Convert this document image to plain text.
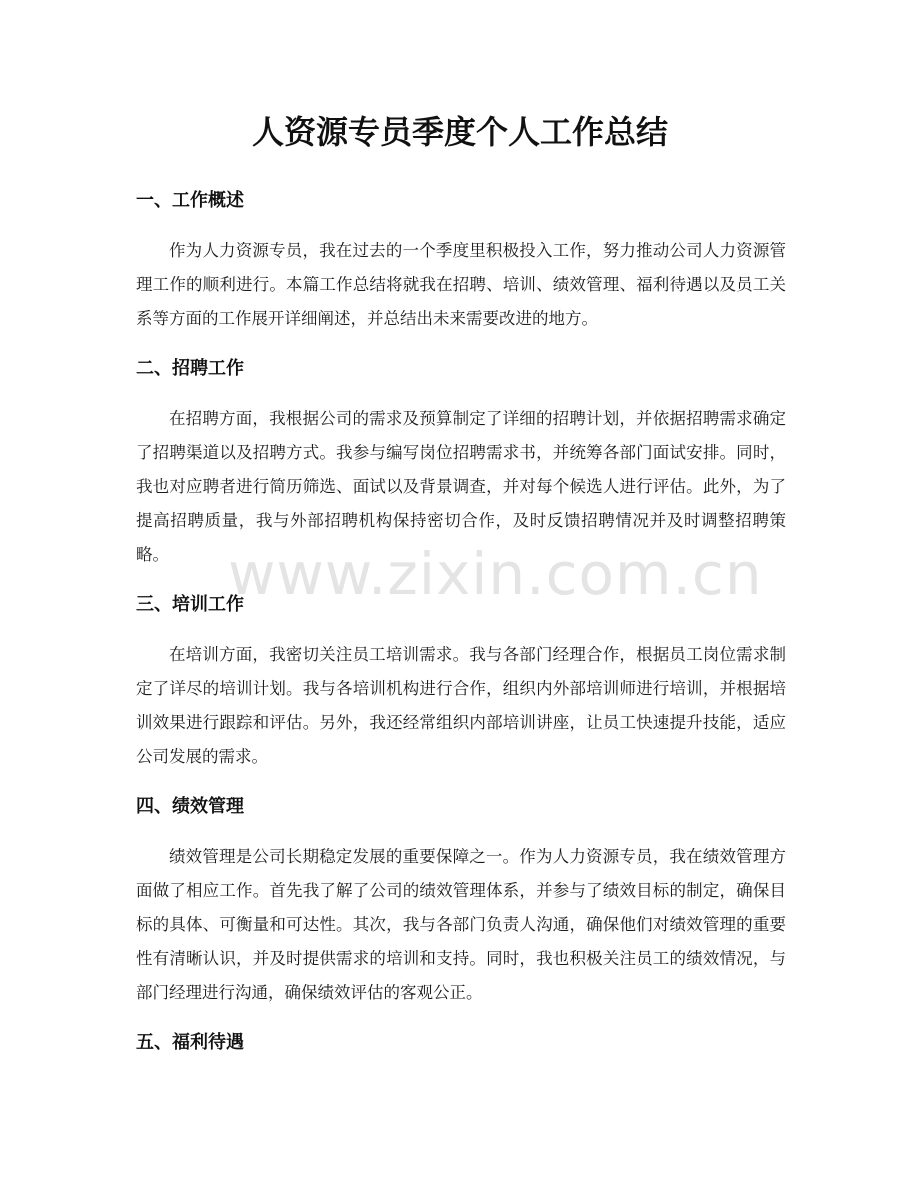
人资源专员季度个人工作总结
一、工作概述

作为人力资源专员，我在过去的一个季度里积极投入工作，努力推动公司人力资源管理工作的顺利进行。本篇工作总结将就我在招聘、培训、绩效管理、福利待遇以及员工关系等方面的工作展开详细阐述，并总结出未来需要改进的地方。

二、招聘工作

在招聘方面，我根据公司的需求及预算制定了详细的招聘计划，并依据招聘需求确定了招聘渠道以及招聘方式。我参与编写岗位招聘需求书，并统筹各部门面试安排。同时，我也对应聘者进行简历筛选、面试以及背景调查，并对每个候选人进行评估。此外，为了提高招聘质量，我与外部招聘机构保持密切合作，及时反馈招聘情况并及时调整招聘策略。

三、培训工作

在培训方面，我密切关注员工培训需求。我与各部门经理合作，根据员工岗位需求制定了详尽的培训计划。我与各培训机构进行合作，组织内外部培训师进行培训，并根据培训效果进行跟踪和评估。另外，我还经常组织内部培训讲座，让员工快速提升技能，适应公司发展的需求。

四、绩效管理

绩效管理是公司长期稳定发展的重要保障之一。作为人力资源专员，我在绩效管理方面做了相应工作。首先我了解了公司的绩效管理体系，并参与了绩效目标的制定，确保目标的具体、可衡量和可达性。其次，我与各部门负责人沟通，确保他们对绩效管理的重要性有清晰认识，并及时提供需求的培训和支持。同时，我也积极关注员工的绩效情况，与部门经理进行沟通，确保绩效评估的客观公正。

五、福利待遇
www.zixin.com.cn
